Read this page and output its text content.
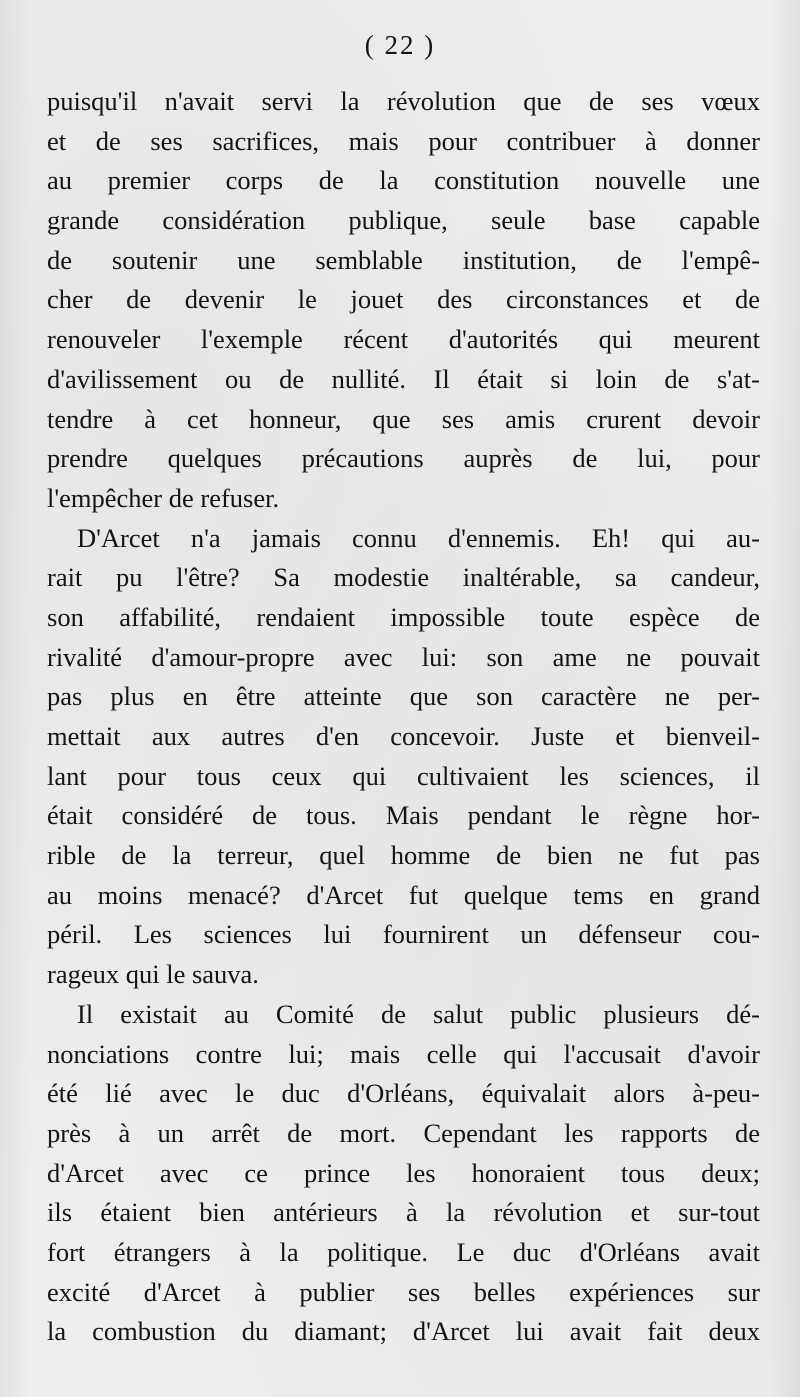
( 22 )
puisqu'il n'avait servi la révolution que de ses vœux
et de ses sacrifices, mais pour contribuer à donner
au premier corps de la constitution nouvelle une
grande considération publique, seule base capable
de soutenir une semblable institution, de l'empê-
cher de devenir le jouet des circonstances et de
renouveler l'exemple récent d'autorités qui meurent
d'avilissement ou de nullité. Il était si loin de s'at-
tendre à cet honneur, que ses amis crurent devoir
prendre quelques précautions auprès de lui, pour
l'empêcher de refuser.
D'Arcet n'a jamais connu d'ennemis. Eh! qui au-
rait pu l'être? Sa modestie inaltérable, sa candeur,
son affabilité, rendaient impossible toute espèce de
rivalité d'amour-propre avec lui: son ame ne pouvait
pas plus en être atteinte que son caractère ne per-
mettait aux autres d'en concevoir. Juste et bienveil-
lant pour tous ceux qui cultivaient les sciences, il
était considéré de tous. Mais pendant le règne hor-
rible de la terreur, quel homme de bien ne fut pas
au moins menacé? d'Arcet fut quelque tems en grand
péril. Les sciences lui fournirent un défenseur cou-
rageux qui le sauva.
Il existait au Comité de salut public plusieurs dé-
nonciations contre lui; mais celle qui l'accusait d'avoir
été lié avec le duc d'Orléans, équivalait alors à-peu-
près à un arrêt de mort. Cependant les rapports de
d'Arcet avec ce prince les honoraient tous deux;
ils étaient bien antérieurs à la révolution et sur-tout
fort étrangers à la politique. Le duc d'Orléans avait
excité d'Arcet à publier ses belles expériences sur
la combustion du diamant; d'Arcet lui avait fait deux
